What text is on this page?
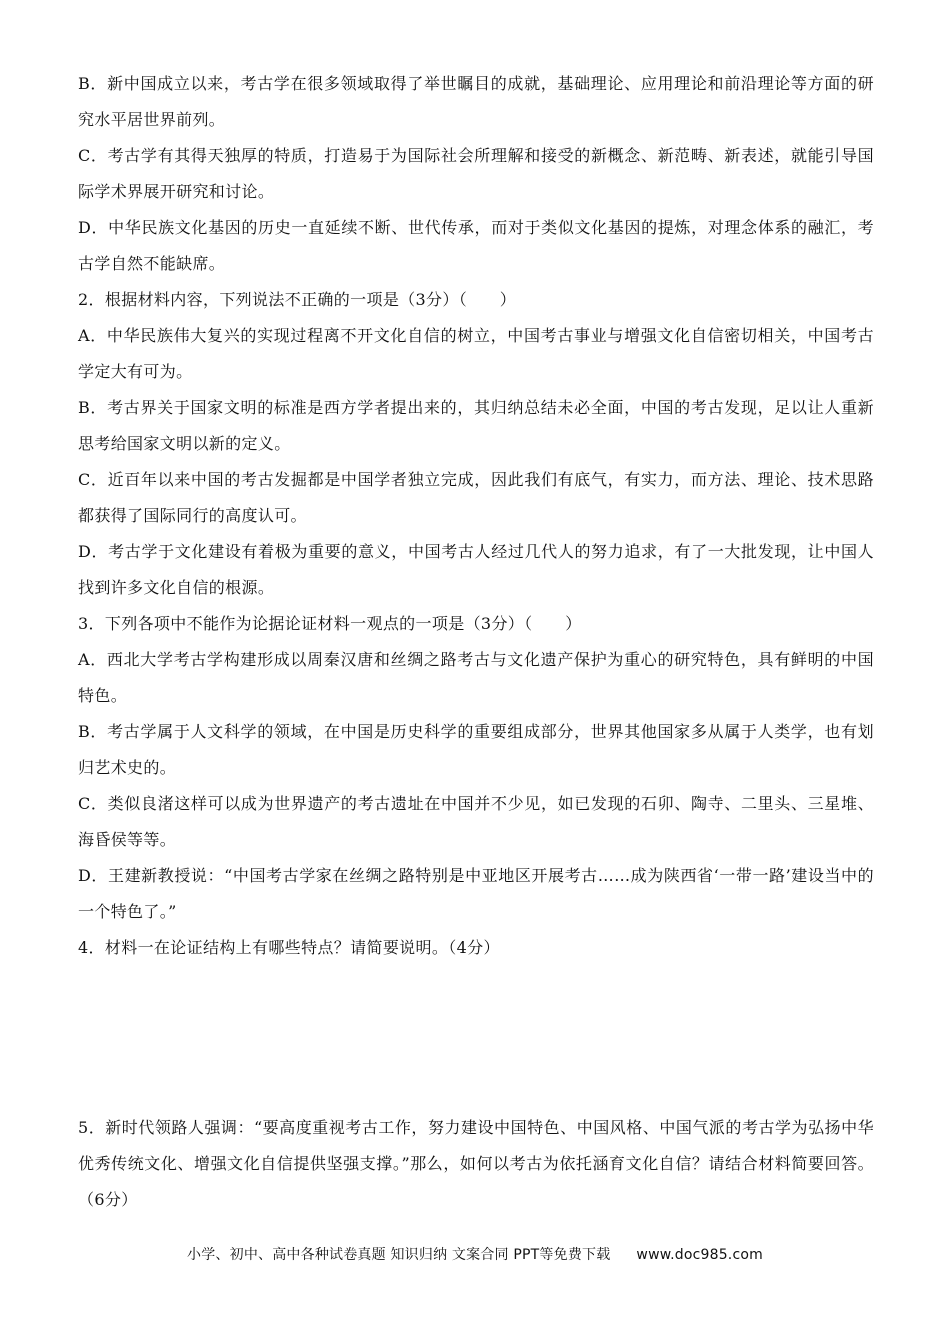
B．新中国成立以来，考古学在很多领域取得了举世瞩目的成就，基础理论、应用理论和前沿理论等方面的研究水平居世界前列。

C．考古学有其得天独厚的特质，打造易于为国际社会所理解和接受的新概念、新范畴、新表述，就能引导国际学术界展开研究和讨论。

D．中华民族文化基因的历史一直延续不断、世代传承，而对于类似文化基因的提炼，对理念体系的融汇，考古学自然不能缺席。

2．根据材料内容，下列说法不正确的一项是（3分）（　　）

A．中华民族伟大复兴的实现过程离不开文化自信的树立，中国考古事业与增强文化自信密切相关，中国考古学定大有可为。

B．考古界关于国家文明的标准是西方学者提出来的，其归纳总结未必全面，中国的考古发现，足以让人重新思考给国家文明以新的定义。

C．近百年以来中国的考古发掘都是中国学者独立完成，因此我们有底气，有实力，而方法、理论、技术思路都获得了国际同行的高度认可。

D．考古学于文化建设有着极为重要的意义，中国考古人经过几代人的努力追求，有了一大批发现，让中国人找到许多文化自信的根源。

3．下列各项中不能作为论据论证材料一观点的一项是（3分）（　　）

A．西北大学考古学构建形成以周秦汉唐和丝绸之路考古与文化遗产保护为重心的研究特色，具有鲜明的中国特色。

B．考古学属于人文科学的领域，在中国是历史科学的重要组成部分，世界其他国家多从属于人类学，也有划归艺术史的。

C．类似良渚这样可以成为世界遗产的考古遗址在中国并不少见，如已发现的石卯、陶寺、二里头、三星堆、海昏侯等等。

D．王建新教授说：“中国考古学家在丝绸之路特别是中亚地区开展考古……成为陕西省‘一带一路’建设当中的一个特色了。”

4．材料一在论证结构上有哪些特点？请简要说明。（4分）

5．新时代领路人强调：“要高度重视考古工作，努力建设中国特色、中国风格、中国气派的考古学为弘扬中华优秀传统文化、增强文化自信提供坚强支撑。”那么，如何以考古为依托涵育文化自信？请结合材料简要回答。（6分）

小学、初中、高中各种试卷真题 知识归纳 文案合同 PPT等免费下载 www.doc985.com
